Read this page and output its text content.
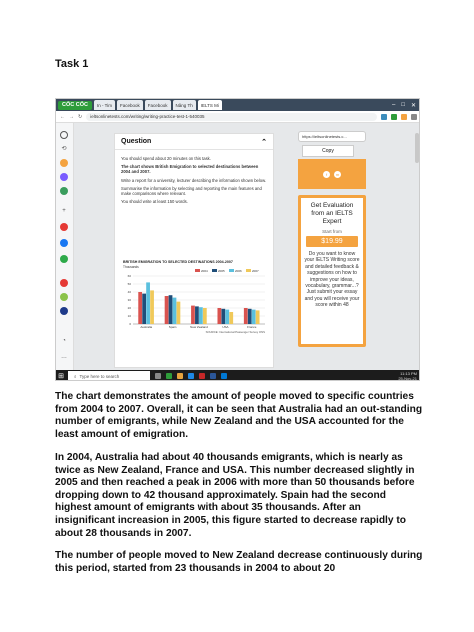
Task 1
CỐC CỐC	In - Tim	Facebook	Facebook	Nâng Th	IELTS Mi	– □ ✕
← → ↻	ieltsonlinetests.com/writing/writing-practice-test-1-540035
⟲
+
◔
…
Question	⌃

You should spend about 20 minutes on this task.

The chart shows British Emigration to selected destinations between 2004 and 2007.

Write a report for a university, lecturer describing the information shown below.

Summarise the information by selecting and reporting the main features and make comparisons where relevant.

You should write at least 150 words.

BRITISH EMIGRATION TO SELECTED DESTINATIONS 2004-2007
Thousands
2004	2005	2006	2007
0
10
20
30
40
50
60
Australia	Spain	New Zealand	USA	France
SOURCE: International Passenger Survey ONS
https://ieltsonlinetests.c...
Copy
f	m
Get Evaluation from an IELTS Expert
Start from
$19.99
Do you want to know your IELTS Writing score and detailed feedback & suggestions on how to improve your ideas, vocabulary, grammar...? Just submit your essay and you will receive your score within 48
⊞	⌕ Type here to search	11:13 PM
25-Nov-21
The chart demonstrates the amount of people moved to specific countries from 2004 to 2007. Overall, it can be seen that Australia had an out-standing number of emigrants, while New Zealand and the USA accounted for the least amount of emigration.
In 2004, Australia had about 40 thousands emigrants, which is nearly as twice as New Zealand, France and USA. This number decreased slightly in 2005 and then reached a peak in 2006 with more than 50 thousands before dropping down to 42 thousand approximately. Spain had the second highest amount of emigrants with about 35 thousands. After an insignificant increasion in 2005, this figure started to decrease rapidly to about 28 thousands in 2007.
The number of people moved to New Zealand decrease continuously during this period, started from 23 thousands in 2004 to about 20
